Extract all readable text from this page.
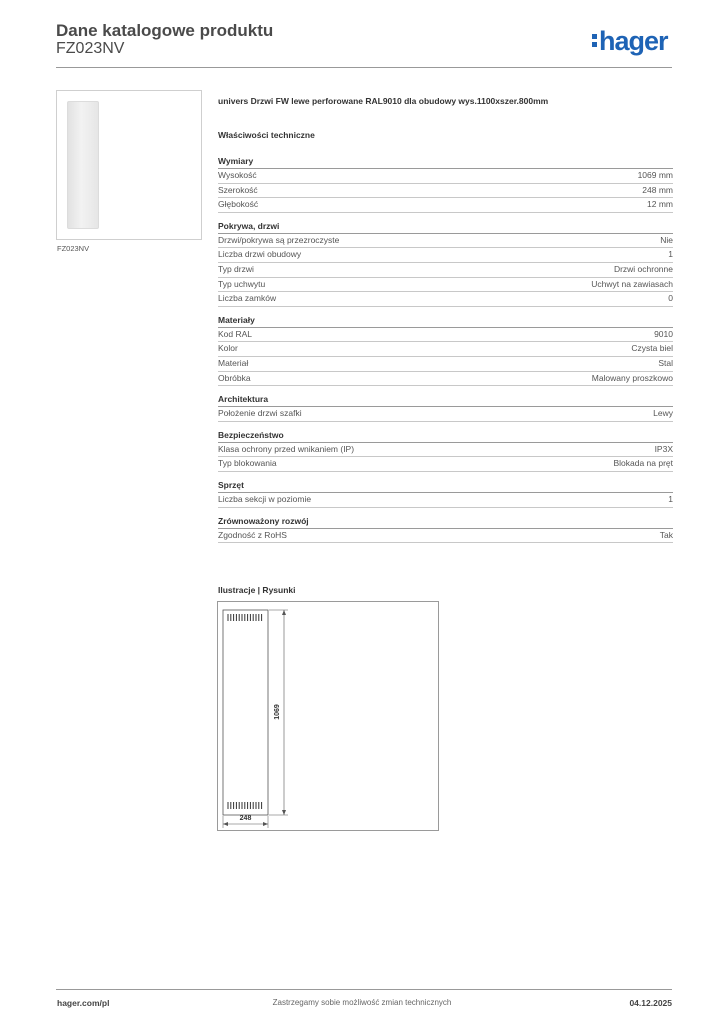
Dane katalogowe produktu
FZ023NV	hager
FZ023NV
univers Drzwi FW lewe perforowane RAL9010 dla obudowy wys.1100xszer.800mm
Właściwości techniczne
Wymiary
Wysokość	1069 mm
Szerokość	248 mm
Głębokość	12 mm
Pokrywa, drzwi
Drzwi/pokrywa są przezroczyste	Nie
Liczba drzwi obudowy	1
Typ drzwi	Drzwi ochronne
Typ uchwytu	Uchwyt na zawiasach
Liczba zamków	0
Materiały
Kod RAL	9010
Kolor	Czysta biel
Materiał	Stal
Obróbka	Malowany proszkowo
Architektura
Położenie drzwi szafki	Lewy
Bezpieczeństwo
Klasa ochrony przed wnikaniem (IP)	IP3X
Typ blokowania	Blokada na pręt
Sprzęt
Liczba sekcji w poziomie	1
Zrównoważony rozwój
Zgodność z RoHS	Tak
Ilustracje | Rysunki
1069
248
hager.com/pl	Zastrzegamy sobie możliwość zmian technicznych	04.12.2025
